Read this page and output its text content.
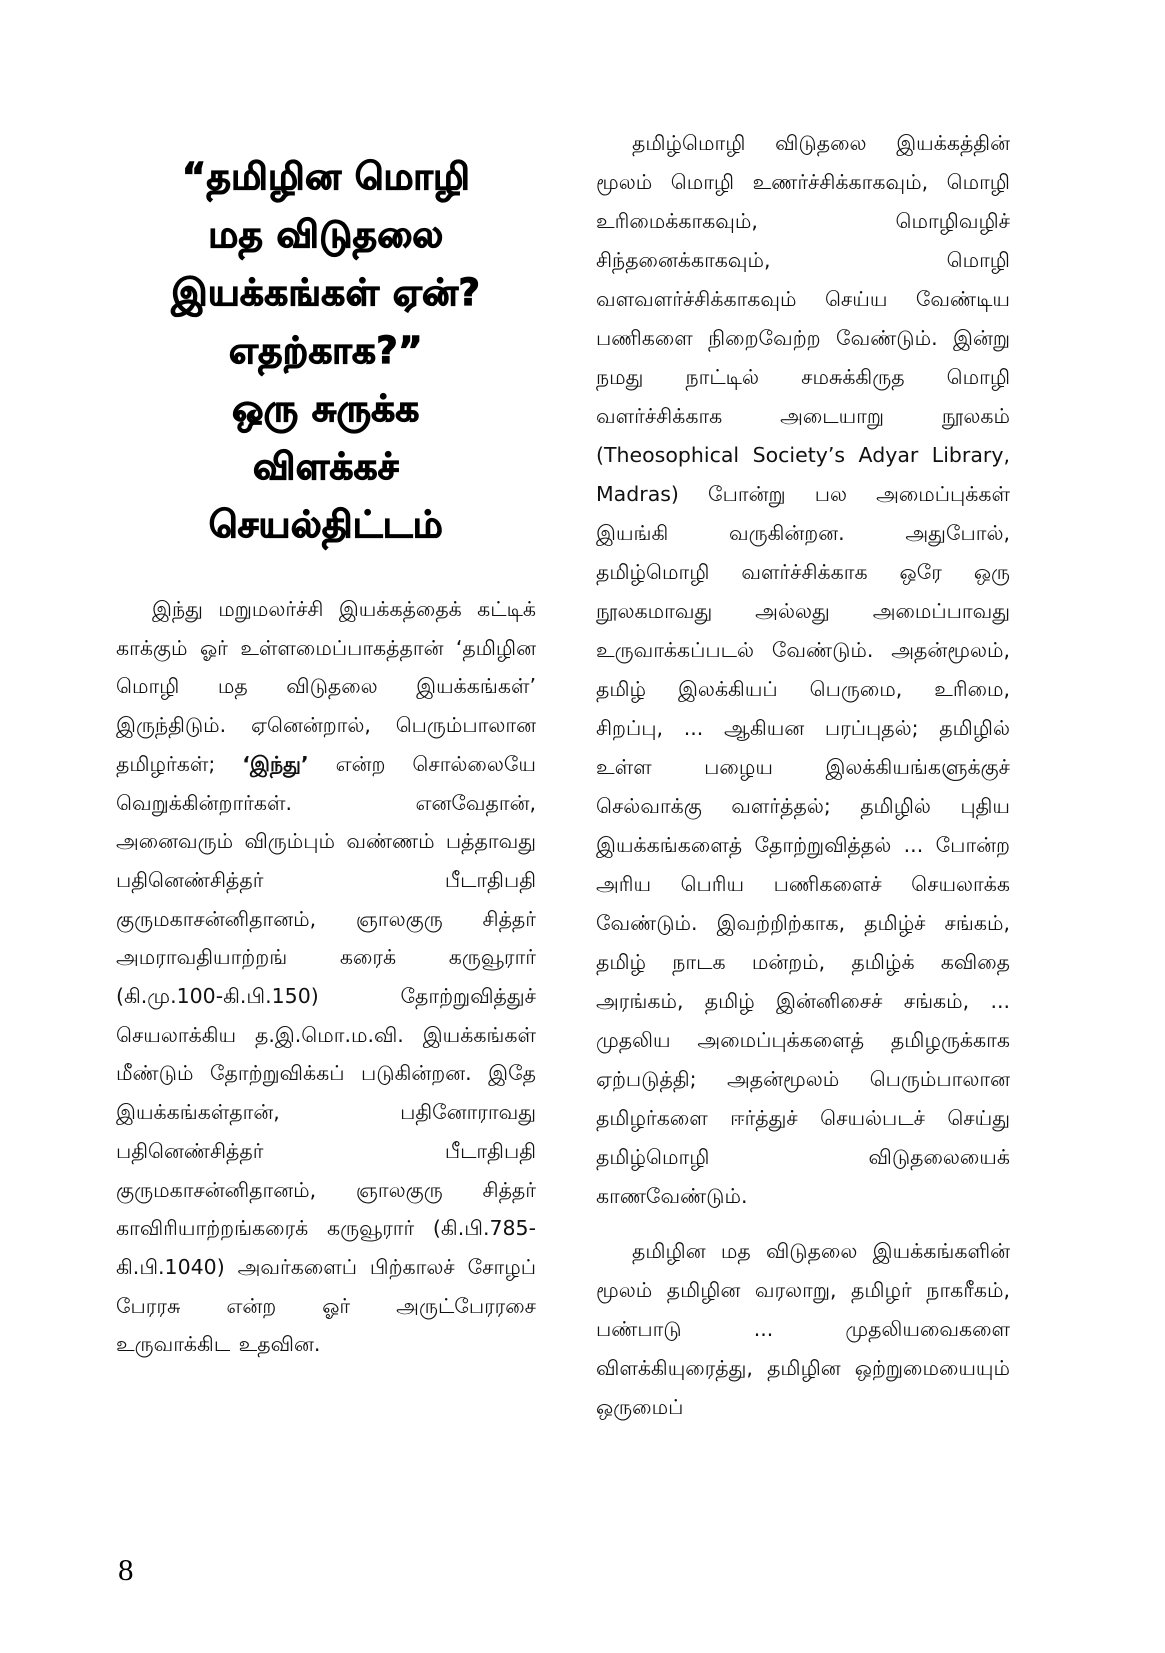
“தமிழின மொழி
மத விடுதலை
இயக்கங்கள் ஏன்?
எதற்காக?”
ஒரு சுருக்க
விளக்கச்
செயல்திட்டம்

இந்து மறுமலர்ச்சி இயக்கத்தைக் கட்டிக் காக்கும் ஓர் உள்ளமைப்பாகத்தான் ‘தமிழின மொழி மத விடுதலை இயக்கங்கள்’ இருந்திடும். ஏனென்றால், பெரும்பாலான தமிழர்கள்; ‘இந்து’ என்ற சொல்லையே வெறுக்கின்றார்கள். எனவேதான், அனைவரும் விரும்பும் வண்ணம் பத்தாவது பதினெண்சித்தர் பீடாதிபதி குருமகாசன்னிதானம், ஞாலகுரு சித்தர் அமராவதியாற்றங் கரைக் கருவூரார் (கி.மு.100-கி.பி.150) தோற்றுவித்துச் செயலாக்கிய த.இ.மொ.ம.வி. இயக்கங்கள் மீண்டும் தோற்றுவிக்கப் படுகின்றன. இதே இயக்கங்கள்தான், பதினோராவது பதினெண்சித்தர் பீடாதிபதி குருமகாசன்னிதானம், ஞாலகுரு சித்தர் காவிரியாற்றங்கரைக் கருவூரார் (கி.பி.785-கி.பி.1040) அவர்களைப் பிற்காலச் சோழப் பேரரசு என்ற ஓர் அருட்பேரரசை உருவாக்கிட உதவின.

தமிழ்மொழி விடுதலை இயக்கத்தின் மூலம் மொழி உணர்ச்சிக்காகவும், மொழி உரிமைக்காகவும், மொழிவழிச் சிந்தனைக்காகவும், மொழி வளவளர்ச்சிக்காகவும் செய்ய வேண்டிய பணிகளை நிறைவேற்ற வேண்டும். இன்று நமது நாட்டில் சமசுக்கிருத மொழி வளர்ச்சிக்காக அடையாறு நூலகம் (Theosophical Society’s Adyar Library, Madras) போன்று பல அமைப்புக்கள் இயங்கி வருகின்றன. அதுபோல், தமிழ்மொழி வளர்ச்சிக்காக ஒரே ஒரு நூலகமாவது அல்லது அமைப்பாவது உருவாக்கப்படல் வேண்டும். அதன்மூலம், தமிழ் இலக்கியப் பெருமை, உரிமை, சிறப்பு, ... ஆகியன பரப்புதல்; தமிழில் உள்ள பழைய இலக்கியங்களுக்குச் செல்வாக்கு வளர்த்தல்; தமிழில் புதிய இயக்கங்களைத் தோற்றுவித்தல் ... போன்ற அரிய பெரிய பணிகளைச் செயலாக்க வேண்டும். இவற்றிற்காக, தமிழ்ச் சங்கம், தமிழ் நாடக மன்றம், தமிழ்க் கவிதை அரங்கம், தமிழ் இன்னிசைச் சங்கம், ... முதலிய அமைப்புக்களைத் தமிழருக்காக ஏற்படுத்தி; அதன்மூலம் பெரும்பாலான தமிழர்களை ஈர்த்துச் செயல்படச் செய்து தமிழ்மொழி விடுதலையைக் காணவேண்டும்.

தமிழின மத விடுதலை இயக்கங்களின் மூலம் தமிழின வரலாறு, தமிழர் நாகரீகம், பண்பாடு ... முதலியவைகளை விளக்கியுரைத்து, தமிழின ஒற்றுமையையும் ஒருமைப்

8
